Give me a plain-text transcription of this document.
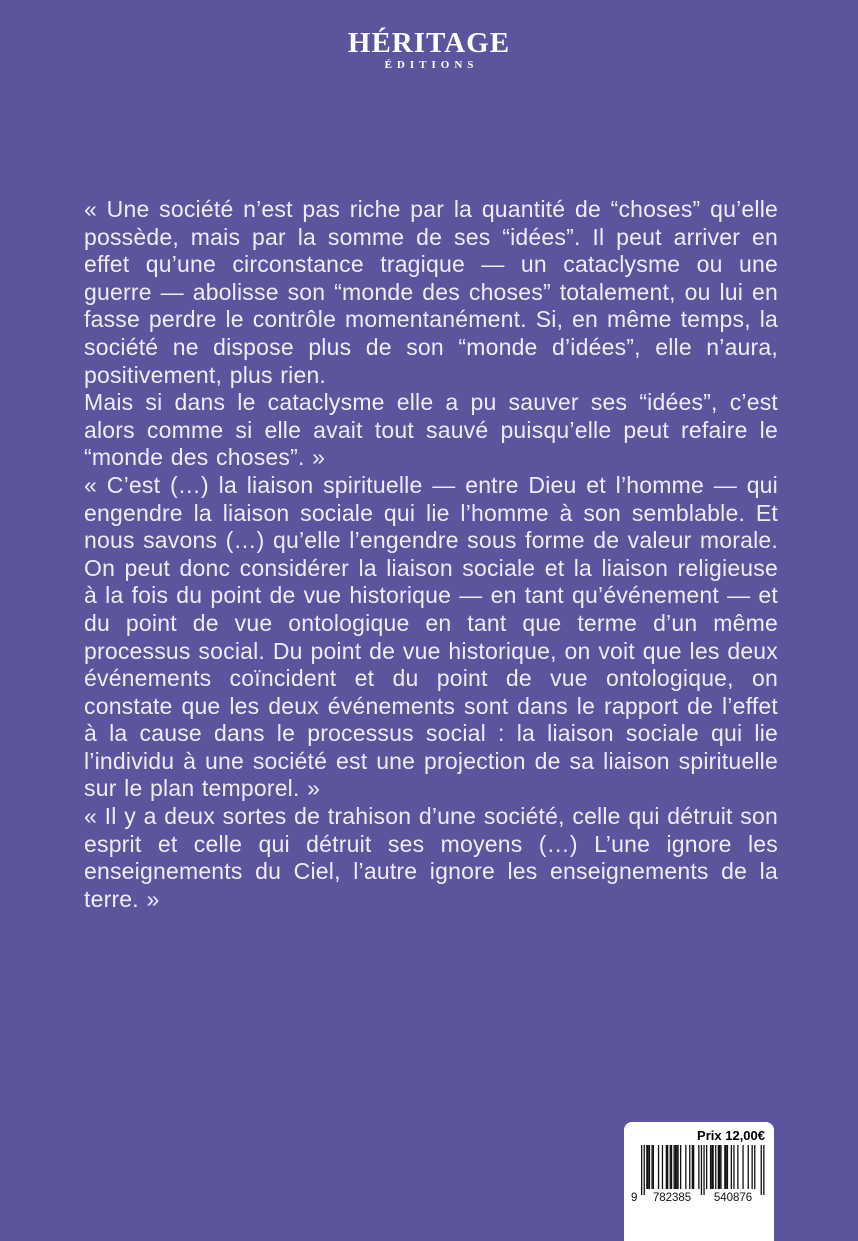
HÉRITAGE
ÉDITIONS

« Une société n’est pas riche par la quantité de “choses” qu’elle possède, mais par la somme de ses “idées”. Il peut arriver en effet qu’une circonstance tragique — un cataclysme ou une guerre — abolisse son “monde des choses” totalement, ou lui en fasse perdre le contrôle momentanément. Si, en même temps, la société ne dispose plus de son “monde d’idées”, elle n’aura, positivement, plus rien.

Mais si dans le cataclysme elle a pu sauver ses “idées”, c’est alors comme si elle avait tout sauvé puisqu’elle peut refaire le “monde des choses”. »

« C’est (…) la liaison spirituelle — entre Dieu et l’homme — qui engendre la liaison sociale qui lie l’homme à son semblable. Et nous savons (…) qu’elle l’engendre sous forme de valeur morale. On peut donc considérer la liaison sociale et la liaison religieuse à la fois du point de vue historique — en tant qu’événement — et du point de vue ontologique en tant que terme d’un même processus social. Du point de vue historique, on voit que les deux événements coïncident et du point de vue ontologique, on constate que les deux événements sont dans le rapport de l’effet à la cause dans le processus social : la liaison sociale qui lie l’individu à une société est une projection de sa liaison spirituelle sur le plan temporel. »

« Il y a deux sortes de trahison d’une société, celle qui détruit son esprit et celle qui détruit ses moyens (…) L’une ignore les enseignements du Ciel, l’autre ignore les enseignements de la terre. »

Prix 12,00€
9 782385 540876
